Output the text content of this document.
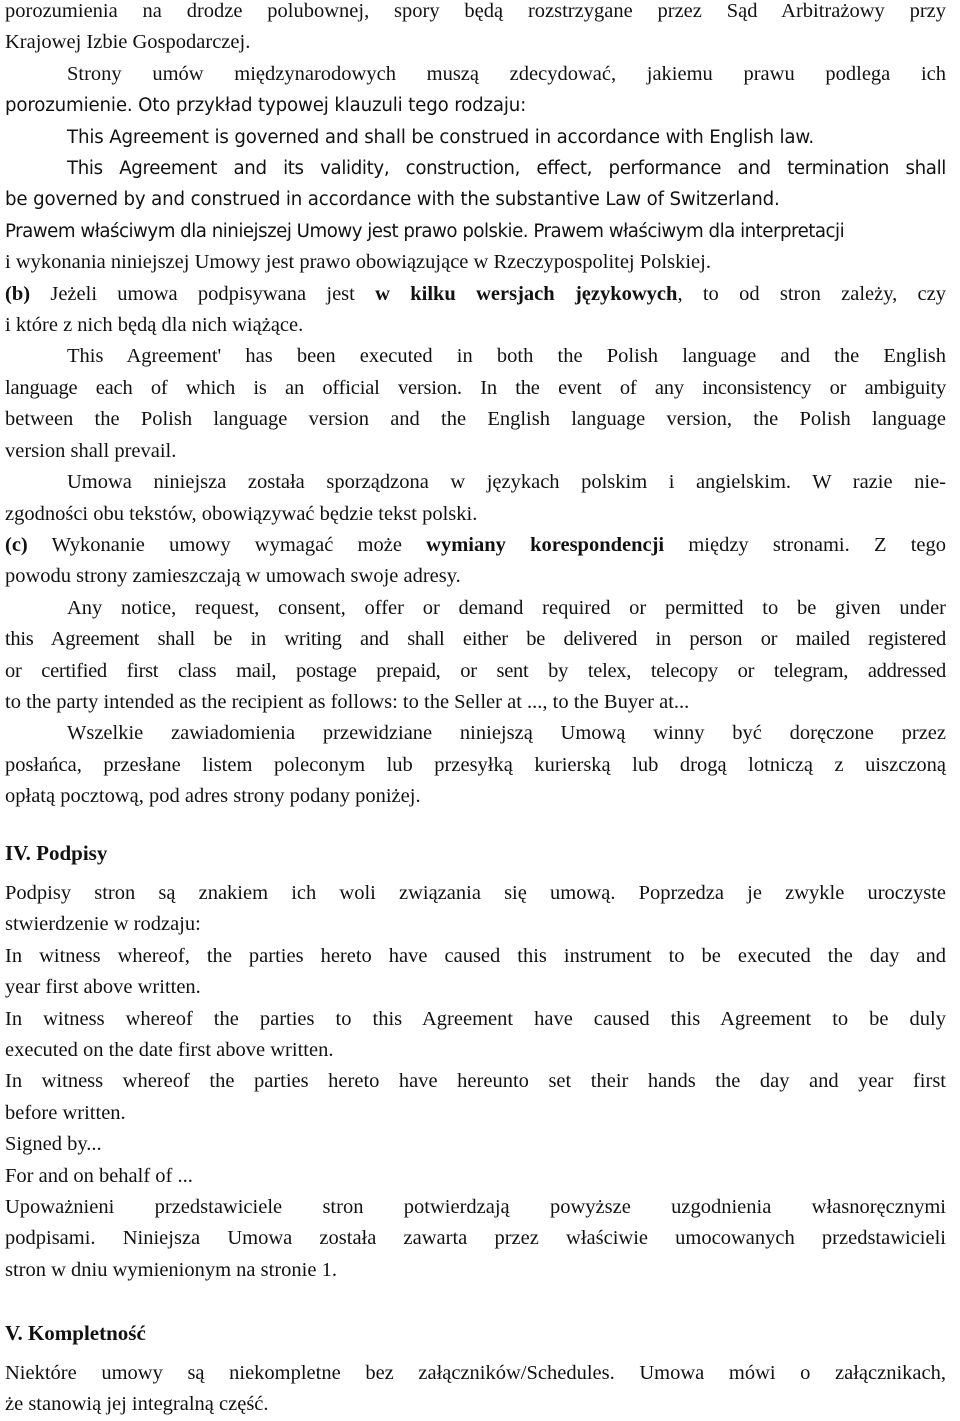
porozumienia na drodze polubownej, spory będą rozstrzygane przez Sąd Arbitrażowy przy
Krajowej Izbie Gospodarczej.
Strony umów międzynarodowych muszą zdecydować, jakiemu prawu podlega ich
porozumienie. Oto przykład typowej klauzuli tego rodzaju:
This Agreement is governed and shall be construed in accordance with English law.
This Agreement and its validity, construction, effect, performance and termination shall
be governed by and construed in accordance with the substantive Law of Switzerland.
Prawem właściwym dla niniejszej Umowy jest prawo polskie. Prawem właściwym dla interpretacji
i wykonania niniejszej Umowy jest prawo obowiązujące w Rzeczypospolitej Polskiej.
(b) Jeżeli umowa podpisywana jest w kilku wersjach językowych, to od stron zależy, czy
i które z nich będą dla nich wiążące.
This Agreement' has been executed in both the Polish language and the English
language each of which is an official version. In the event of any inconsistency or ambiguity
between the Polish language version and the English language version, the Polish language
version shall prevail.
Umowa niniejsza została sporządzona w językach polskim i angielskim. W razie nie-
zgodności obu tekstów, obowiązywać będzie tekst polski.
(c) Wykonanie umowy wymagać może wymiany korespondencji między stronami. Z tego
powodu strony zamieszczają w umowach swoje adresy.
Any notice, request, consent, offer or demand required or permitted to be given under
this Agreement shall be in writing and shall either be delivered in person or mailed registered
or certified first class mail, postage prepaid, or sent by telex, telecopy or telegram, addressed
to the party intended as the recipient as follows: to the Seller at ..., to the Buyer at...
Wszelkie zawiadomienia przewidziane niniejszą Umową winny być doręczone przez
posłańca, przesłane listem poleconym lub przesyłką kurierską lub drogą lotniczą z uiszczoną
opłatą pocztową, pod adres strony podany poniżej.
IV. Podpisy
Podpisy stron są znakiem ich woli związania się umową. Poprzedza je zwykle uroczyste
stwierdzenie w rodzaju:
In witness whereof, the parties hereto have caused this instrument to be executed the day and
year first above written.
In witness whereof the parties to this Agreement have caused this Agreement to be duly
executed on the date first above written.
In witness whereof the parties hereto have hereunto set their hands the day and year first
before written.
Signed by...
For and on behalf of ...
Upoważnieni przedstawiciele stron potwierdzają powyższe uzgodnienia własnoręcznymi
podpisami. Niniejsza Umowa została zawarta przez właściwie umocowanych przedstawicieli
stron w dniu wymienionym na stronie 1.
V. Kompletność
Niektóre umowy są niekompletne bez załączników/Schedules. Umowa mówi o załącznikach,
że stanowią jej integralną część.
